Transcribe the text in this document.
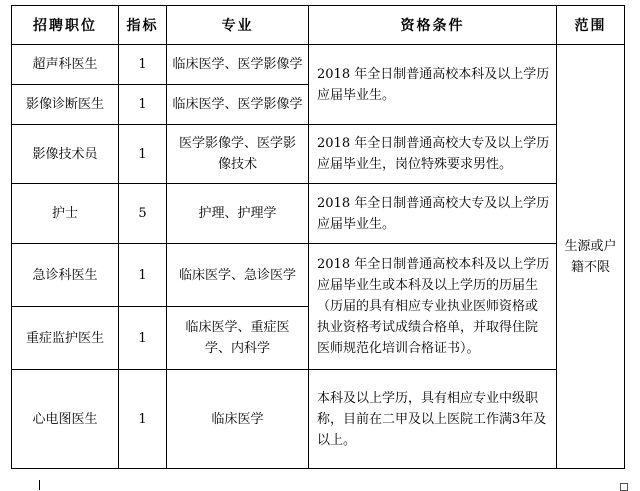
招聘职位	指标	专业	资格条件	范围
超声科医生	1	临床医学、医学影像学	2018 年全日制普通高校本科及以上学历应届毕业生。	生源或户籍不限
影像诊断医生	1	临床医学、医学影像学		
影像技术员	1	医学影像学、医学影像技术	2018 年全日制普通高校大专及以上学历应届毕业生，岗位特殊要求男性。	
护士	5	护理、护理学	2018 年全日制普通高校大专及以上学历应届毕业生。	
急诊科医生	1	临床医学、急诊医学	2018 年全日制普通高校本科及以上学历应届毕业生或本科及以上学历的历届生（历届的具有相应专业执业医师资格或执业资格考试成绩合格单，并取得住院医师规范化培训合格证书）。	
重症监护医生	1	临床医学、重症医学、内科学		
心电图医生	1	临床医学	本科及以上学历，具有相应专业中级职称，目前在二甲及以上医院工作满3年及以上。	
